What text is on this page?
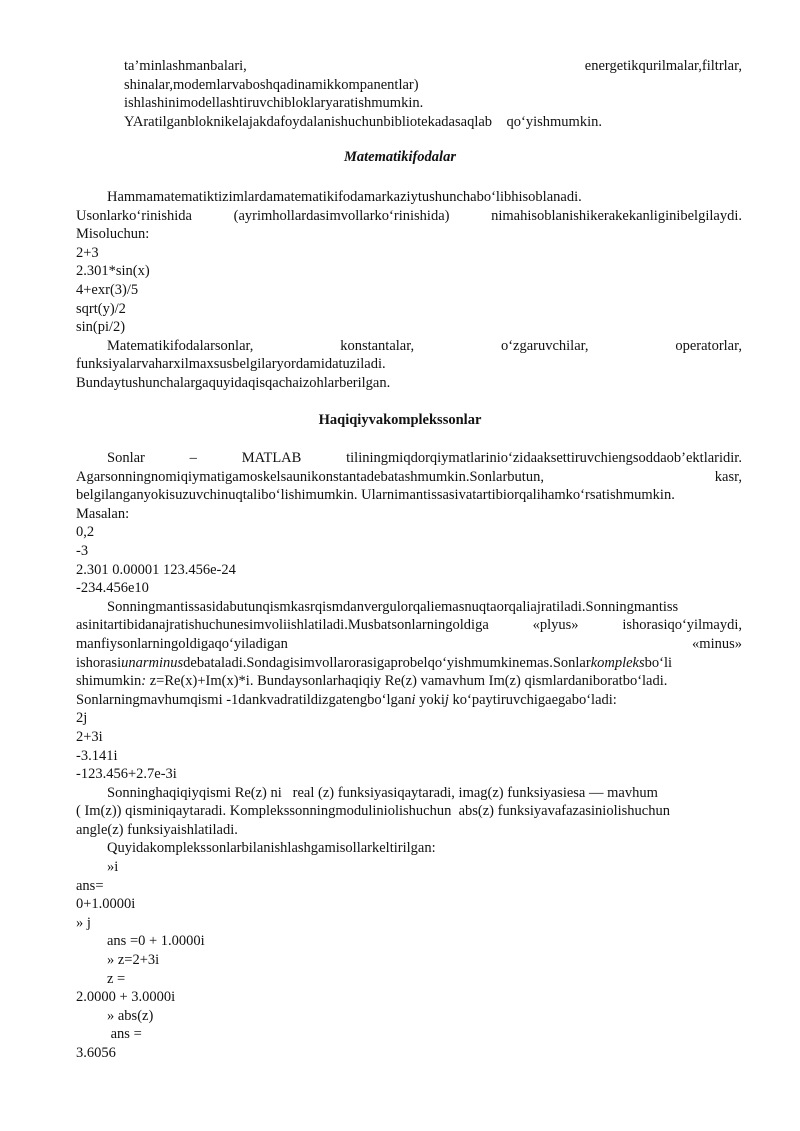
ta’minlashmanbalari,	energetikqurilmalar,filtrlar,
shinalar,modemlarvaboshqadinamikkompanentlar)
ishlashinimodellashtiruvchibloklaryaratishmumkin.
YAratilganbloknikelajakdafoydalanishuchunbibliotekadasaqlab    qo‘yishmumkin.
Matematikifodalar
Hammamatematiktizimlardamatematikifodamarkaziytushunchabo‘libhisoblanadi.
Usonlarko‘rinishida	(ayrimhollardasimvollarko‘rinishida)	nimahisoblanishikerakekanliginibelgilaydi.
Misoluchun:
2+3
2.301*sin(x)
4+exr(3)/5
sqrt(y)/2
sin(pi/2)
Matematikifodalarsonlar,	konstantalar,	o‘zgaruvchilar,	operatorlar,
funksiyalarvaharxilmaxsusbelgilaryordamidatuziladi.
Bundaytushunchalargaquyidaqisqachaizohlarberilgan.
Haqiqiyvakomplekssonlar
Sonlar	–	MATLAB	tiliningmiqdorqiymatlarinio‘zidaaksettiruvchiengsoddaob’ektlaridir.
Agarsonningnomiqiymatigamoskelsaunikonstantadebatashmumkin.Sonlarbutun,	kasr,
belgilanganyokisuzuvchinuqtalibo‘lishimumkin. Ularnimantissasivatartibiorqalihamko‘rsatishmumkin.
Masalan:
0,2
-3
2.301 0.00001 123.456e-24
-234.456e10
Sonningmantissasidabutunqismkasrqismdanvergulorqaliemasnuqtaorqaliajratiladi.Sonningmantiss
asinitartibidanajratishuchunesimvoliishlatiladi.Musbatsonlarningoldiga	«plyus»	ishorasiqo‘yilmaydi,
manfiysonlarningoldigaqo‘yiladigan	«minus»
ishorasiunarminusdebataladi.Sondagisimvollarorasigaprobelqo‘yishmumkinemas.Sonlarkompleksbo‘li
shimumkin: z=Re(x)+Im(x)*i. Bundaysonlarhaqiqiy Re(z) vamavhum Im(z) qismlardaniboratbo‘ladi.
Sonlarningmavhumqismi -1dankvadratildizgatengbo‘lgani yokij ko‘paytiruvchigaegabo‘ladi:
2j
2+3i
-3.141i
-123.456+2.7e-3i
Sonninghaqiqiyqismi Re(z) ni   real (z) funksiyasiqaytaradi, imag(z) funksiyasiesa — mavhum
( Im(z)) qisminiqaytaradi. Komplekssonningmoduliniolishuchun  abs(z) funksiyavafazasiniolishuchun
angle(z) funksiyaishlatiladi.
Quyidakomplekssonlarbilanishlashgamisollarkeltirilgan:
»i
ans=
0+1.0000i
» j
ans =0 + 1.0000i
» z=2+3i
z =
2.0000 + 3.0000i
» abs(z)
ans =
3.6056
